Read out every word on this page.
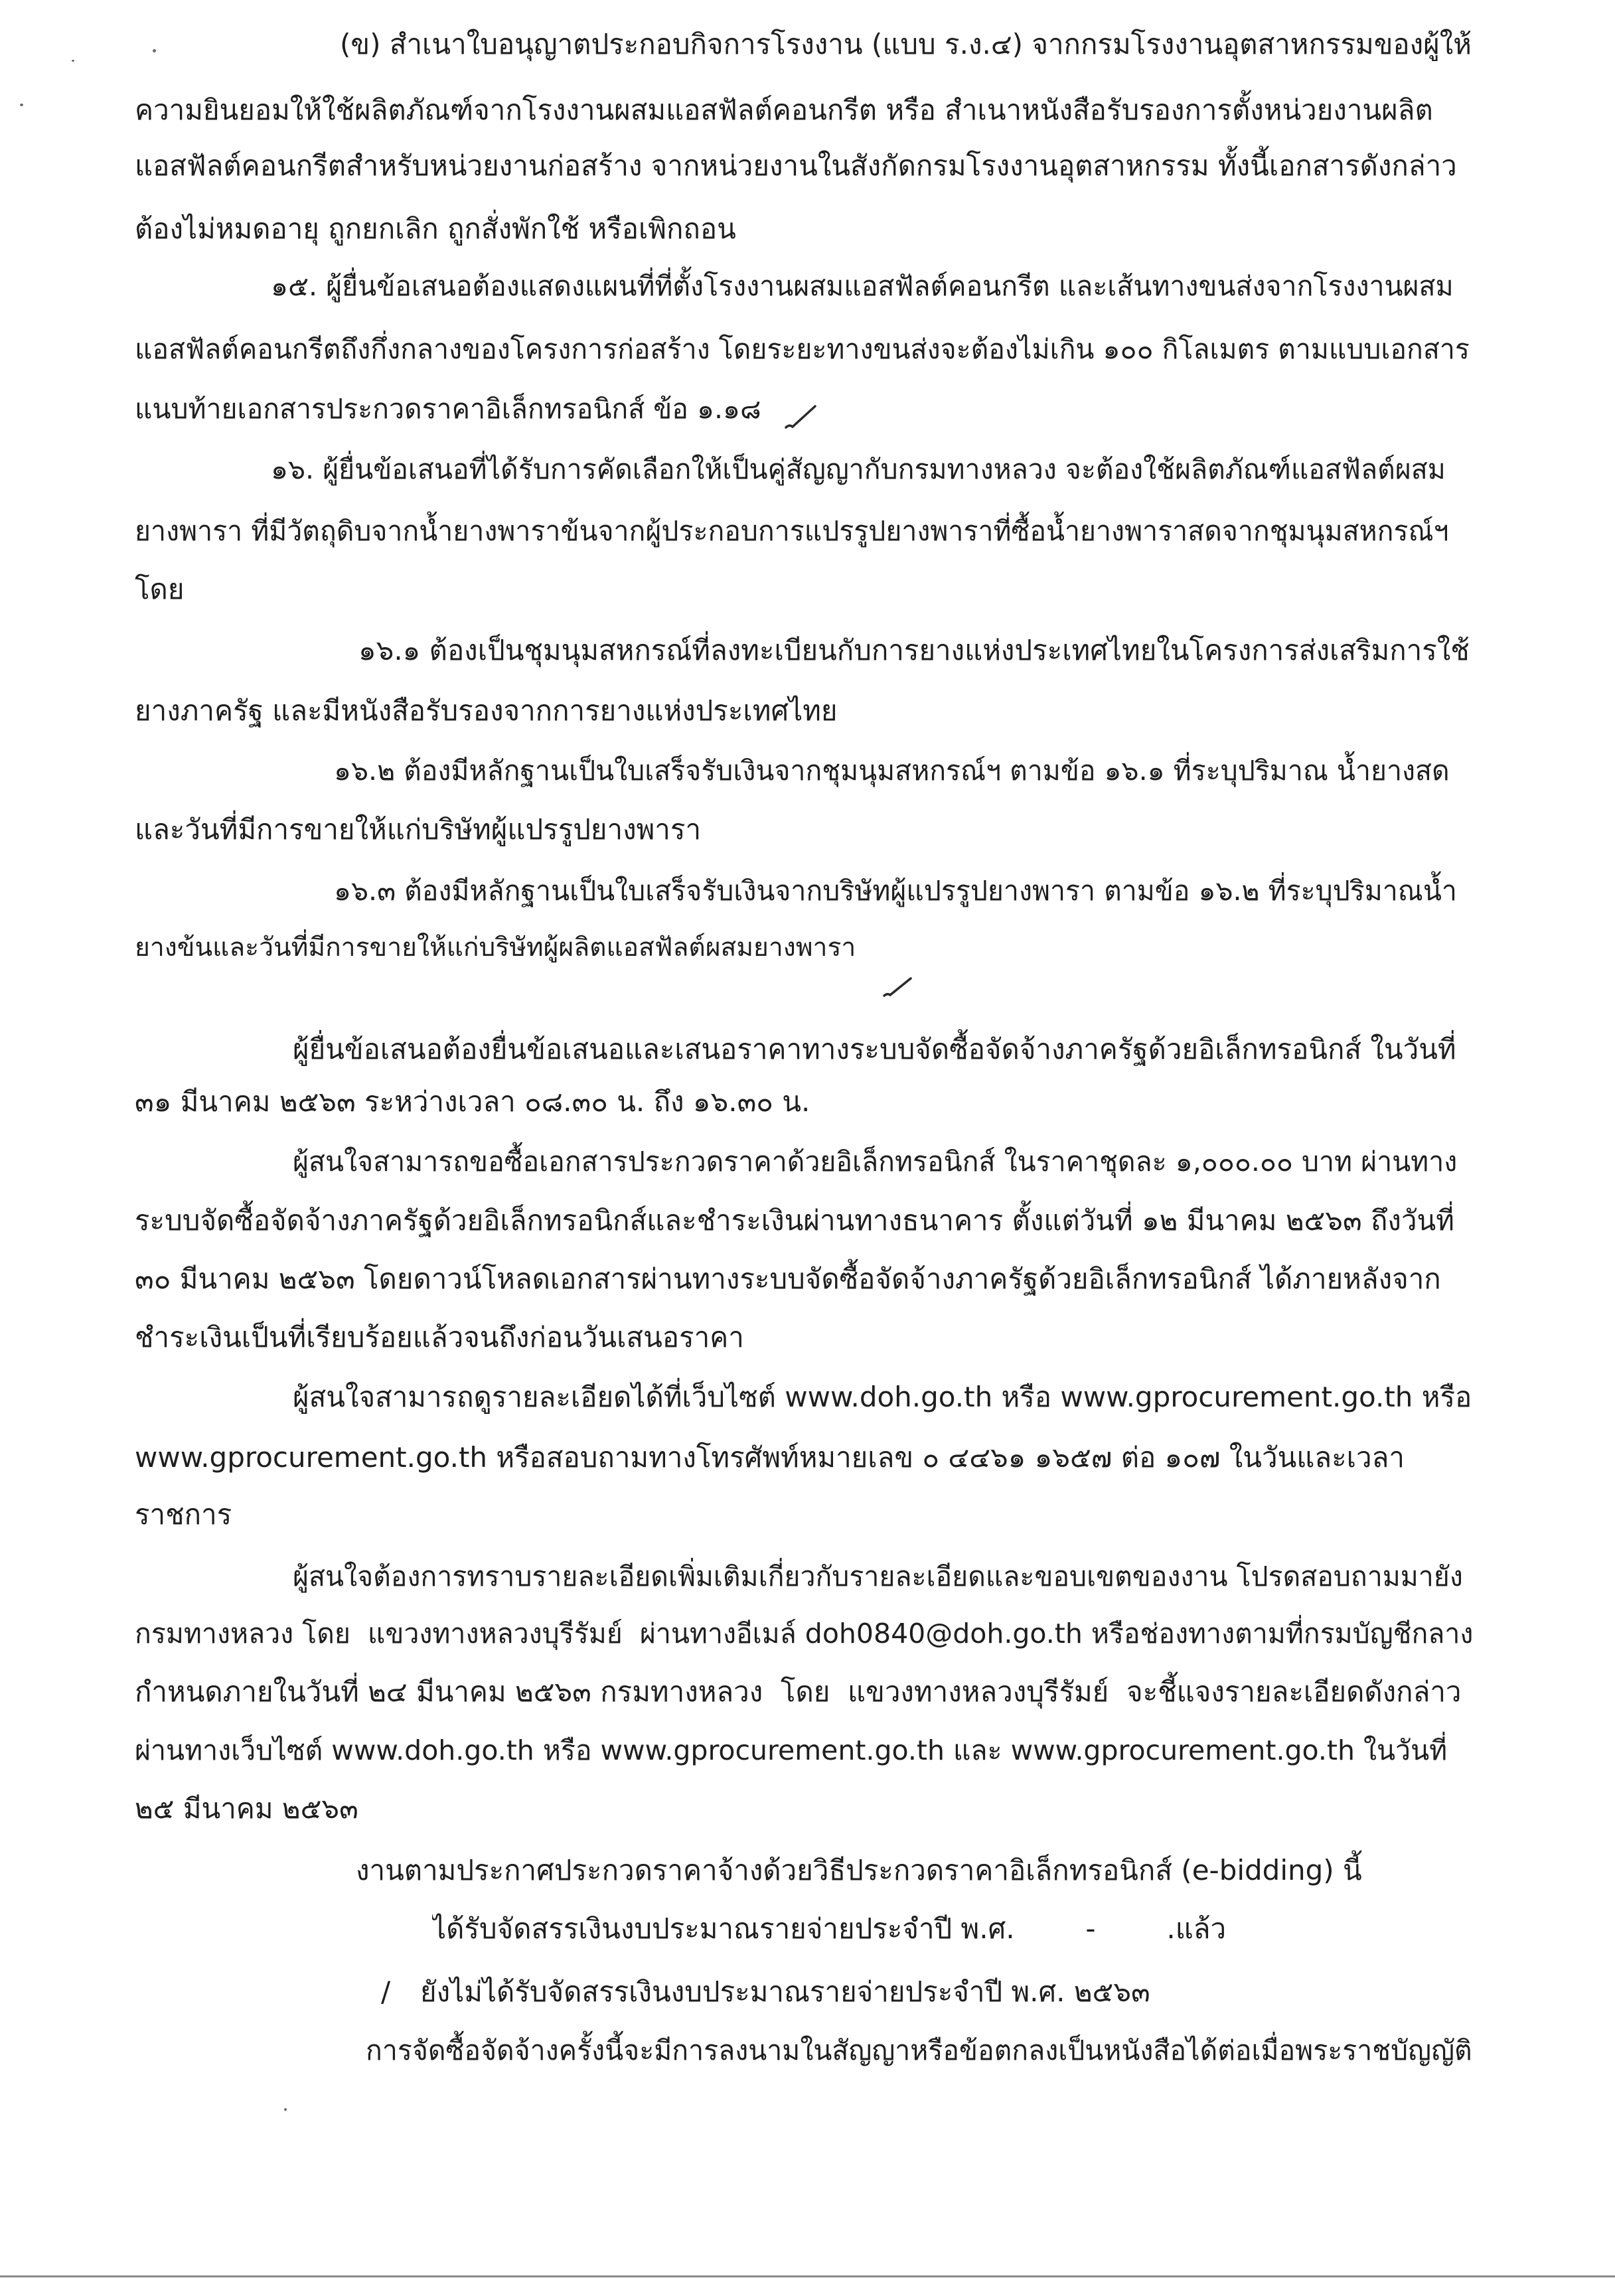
(ข) สำเนาใบอนุญาตประกอบกิจการโรงงาน (แบบ ร.ง.๔) จากกรมโรงงานอุตสาหกรรมของผู้ให้
ความยินยอมให้ใช้ผลิตภัณฑ์จากโรงงานผสมแอสฟัลต์คอนกรีต หรือ สำเนาหนังสือรับรองการตั้งหน่วยงานผลิต
แอสฟัลต์คอนกรีตสำหรับหน่วยงานก่อสร้าง จากหน่วยงานในสังกัดกรมโรงงานอุตสาหกรรม ทั้งนี้เอกสารดังกล่าว
ต้องไม่หมดอายุ ถูกยกเลิก ถูกสั่งพักใช้ หรือเพิกถอน
๑๕. ผู้ยื่นข้อเสนอต้องแสดงแผนที่ที่ตั้งโรงงานผสมแอสฟัลต์คอนกรีต และเส้นทางขนส่งจากโรงงานผสม
แอสฟัลต์คอนกรีตถึงกึ่งกลางของโครงการก่อสร้าง โดยระยะทางขนส่งจะต้องไม่เกิน ๑๐๐ กิโลเมตร ตามแบบเอกสาร
แนบท้ายเอกสารประกวดราคาอิเล็กทรอนิกส์ ข้อ ๑.๑๘
๑๖. ผู้ยื่นข้อเสนอที่ได้รับการคัดเลือกให้เป็นคู่สัญญากับกรมทางหลวง จะต้องใช้ผลิตภัณฑ์แอสฟัลต์ผสม
ยางพารา ที่มีวัตถุดิบจากน้ำยางพาราข้นจากผู้ประกอบการแปรรูปยางพาราที่ซื้อน้ำยางพาราสดจากชุมนุมสหกรณ์ฯ
โดย
๑๖.๑ ต้องเป็นชุมนุมสหกรณ์ที่ลงทะเบียนกับการยางแห่งประเทศไทยในโครงการส่งเสริมการใช้
ยางภาครัฐ และมีหนังสือรับรองจากการยางแห่งประเทศไทย
๑๖.๒ ต้องมีหลักฐานเป็นใบเสร็จรับเงินจากชุมนุมสหกรณ์ฯ ตามข้อ ๑๖.๑ ที่ระบุปริมาณ น้ำยางสด
และวันที่มีการขายให้แก่บริษัทผู้แปรรูปยางพารา
๑๖.๓ ต้องมีหลักฐานเป็นใบเสร็จรับเงินจากบริษัทผู้แปรรูปยางพารา ตามข้อ ๑๖.๒ ที่ระบุปริมาณน้ำ
ยางข้นและวันที่มีการขายให้แก่บริษัทผู้ผลิตแอสฟัลต์ผสมยางพารา
ผู้ยื่นข้อเสนอต้องยื่นข้อเสนอและเสนอราคาทางระบบจัดซื้อจัดจ้างภาครัฐด้วยอิเล็กทรอนิกส์ ในวันที่
๓๑ มีนาคม ๒๕๖๓ ระหว่างเวลา ๐๘.๓๐ น. ถึง ๑๖.๓๐ น.
ผู้สนใจสามารถขอซื้อเอกสารประกวดราคาด้วยอิเล็กทรอนิกส์ ในราคาชุดละ ๑,๐๐๐.๐๐ บาท ผ่านทาง
ระบบจัดซื้อจัดจ้างภาครัฐด้วยอิเล็กทรอนิกส์และชำระเงินผ่านทางธนาคาร ตั้งแต่วันที่ ๑๒ มีนาคม ๒๕๖๓ ถึงวันที่
๓๐ มีนาคม ๒๕๖๓ โดยดาวน์โหลดเอกสารผ่านทางระบบจัดซื้อจัดจ้างภาครัฐด้วยอิเล็กทรอนิกส์ ได้ภายหลังจาก
ชำระเงินเป็นที่เรียบร้อยแล้วจนถึงก่อนวันเสนอราคา
ผู้สนใจสามารถดูรายละเอียดได้ที่เว็บไซต์ www.doh.go.th หรือ www.gprocurement.go.th หรือ
www.gprocurement.go.th หรือสอบถามทางโทรศัพท์หมายเลข ๐ ๔๔๖๑ ๑๖๕๗ ต่อ ๑๐๗ ในวันและเวลา
ราชการ
ผู้สนใจต้องการทราบรายละเอียดเพิ่มเติมเกี่ยวกับรายละเอียดและขอบเขตของงาน โปรดสอบถามมายัง
กรมทางหลวง โดย  แขวงทางหลวงบุรีรัมย์  ผ่านทางอีเมล์ doh0840@doh.go.th หรือช่องทางตามที่กรมบัญชีกลาง
กำหนดภายในวันที่ ๒๔ มีนาคม ๒๕๖๓ กรมทางหลวง  โดย  แขวงทางหลวงบุรีรัมย์  จะชี้แจงรายละเอียดดังกล่าว
ผ่านทางเว็บไซต์ www.doh.go.th หรือ www.gprocurement.go.th และ www.gprocurement.go.th ในวันที่
๒๕ มีนาคม ๒๕๖๓
งานตามประกาศประกวดราคาจ้างด้วยวิธีประกวดราคาอิเล็กทรอนิกส์ (e-bidding) นี้
ได้รับจัดสรรเงินงบประมาณรายจ่ายประจำปี พ.ศ.        -        .แล้ว
/ ยังไม่ได้รับจัดสรรเงินงบประมาณรายจ่ายประจำปี พ.ศ. ๒๕๖๓
การจัดซื้อจัดจ้างครั้งนี้จะมีการลงนามในสัญญาหรือข้อตกลงเป็นหนังสือได้ต่อเมื่อพระราชบัญญัติ
